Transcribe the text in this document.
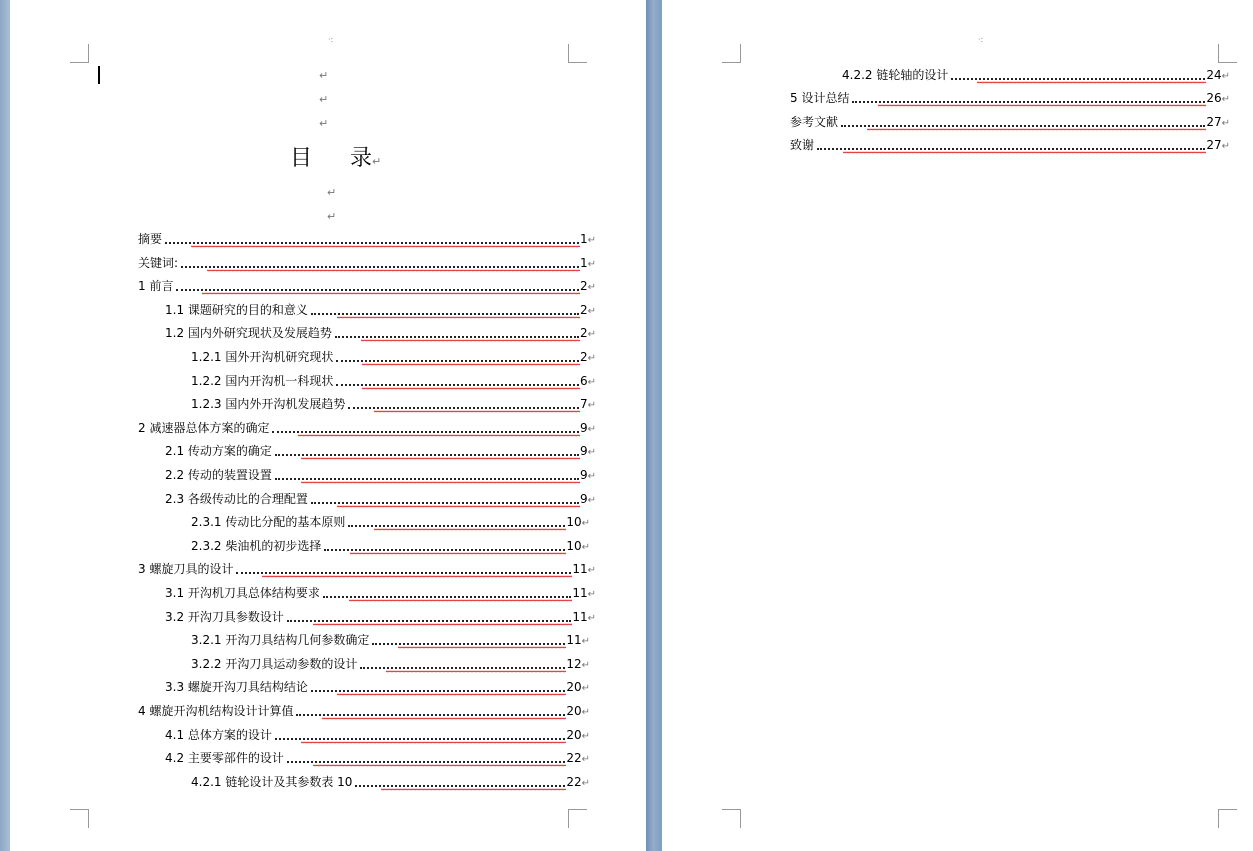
·:
↵
↵
↵
目 录↵
↵
↵
摘要	1↵
关键词:	1↵
1 前言	2↵
1.1 课题研究的目的和意义	2↵
1.2 国内外研究现状及发展趋势	2↵
1.2.1 国外开沟机研究现状	2↵
1.2.2 国内开沟机一科现状	6↵
1.2.3 国内外开沟机发展趋势	7↵
2 减速器总体方案的确定	9↵
2.1 传动方案的确定	9↵
2.2 传动的装置设置	9↵
2.3 各级传动比的合理配置	9↵
2.3.1 传动比分配的基本原则	10↵
2.3.2 柴油机的初步选择	10↵
3 螺旋刀具的设计	11↵
3.1 开沟机刀具总体结构要求	11↵
3.2 开沟刀具参数设计	11↵
3.2.1 开沟刀具结构几何参数确定	11↵
3.2.2 开沟刀具运动参数的设计	12↵
3.3 螺旋开沟刀具结构结论	20↵
4 螺旋开沟机结构设计计算值	20↵
4.1 总体方案的设计	20↵
4.2 主要零部件的设计	22↵
4.2.1 链轮设计及其参数表 10	22↵
·:
4.2.2 链轮轴的设计	24↵
5 设计总结	26↵
参考文献	27↵
致谢	27↵
